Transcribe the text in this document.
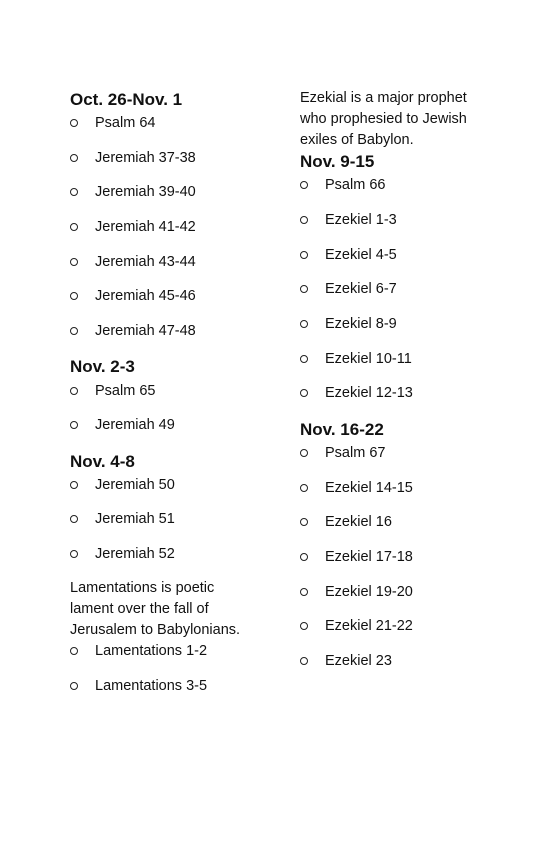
Oct. 26-Nov. 1
Psalm 64
Jeremiah 37-38
Jeremiah 39-40
Jeremiah 41-42
Jeremiah 43-44
Jeremiah 45-46
Jeremiah 47-48
Nov. 2-3
Psalm 65
Jeremiah 49
Nov. 4-8
Jeremiah 50
Jeremiah 51
Jeremiah 52

Lamentations is poetic lament over the fall of Jerusalem to Babylonians.

Lamentations 1-2
Lamentations 3-5

Ezekial is a major prophet who prophesied to Jewish exiles of Babylon.

Nov. 9-15
Psalm 66
Ezekiel 1-3
Ezekiel 4-5
Ezekiel 6-7
Ezekiel 8-9
Ezekiel 10-11
Ezekiel 12-13
Nov. 16-22
Psalm 67
Ezekiel 14-15
Ezekiel 16
Ezekiel 17-18
Ezekiel 19-20
Ezekiel 21-22
Ezekiel 23
